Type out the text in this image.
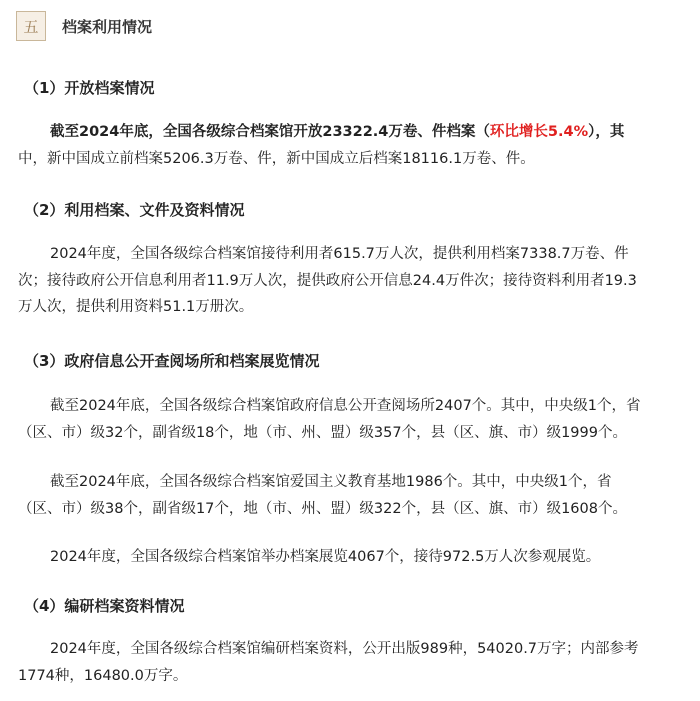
五	档案利用情况
（1）开放档案情况
截至2024年底，全国各级综合档案馆开放23322.4万卷、件档案（环比增长5.4%），其
中，新中国成立前档案5206.3万卷、件，新中国成立后档案18116.1万卷、件。
（2）利用档案、文件及资料情况
2024年度，全国各级综合档案馆接待利用者615.7万人次，提供利用档案7338.7万卷、件
次；接待政府公开信息利用者11.9万人次，提供政府公开信息24.4万件次；接待资料利用者19.3
万人次，提供利用资料51.1万册次。
（3）政府信息公开查阅场所和档案展览情况
截至2024年底，全国各级综合档案馆政府信息公开查阅场所2407个。其中，中央级1个，省
（区、市）级32个，副省级18个，地（市、州、盟）级357个，县（区、旗、市）级1999个。
截至2024年底，全国各级综合档案馆爱国主义教育基地1986个。其中，中央级1个，省
（区、市）级38个，副省级17个，地（市、州、盟）级322个，县（区、旗、市）级1608个。
2024年度，全国各级综合档案馆举办档案展览4067个，接待972.5万人次参观展览。
（4）编研档案资料情况
2024年度，全国各级综合档案馆编研档案资料，公开出版989种，54020.7万字；内部参考
1774种，16480.0万字。
